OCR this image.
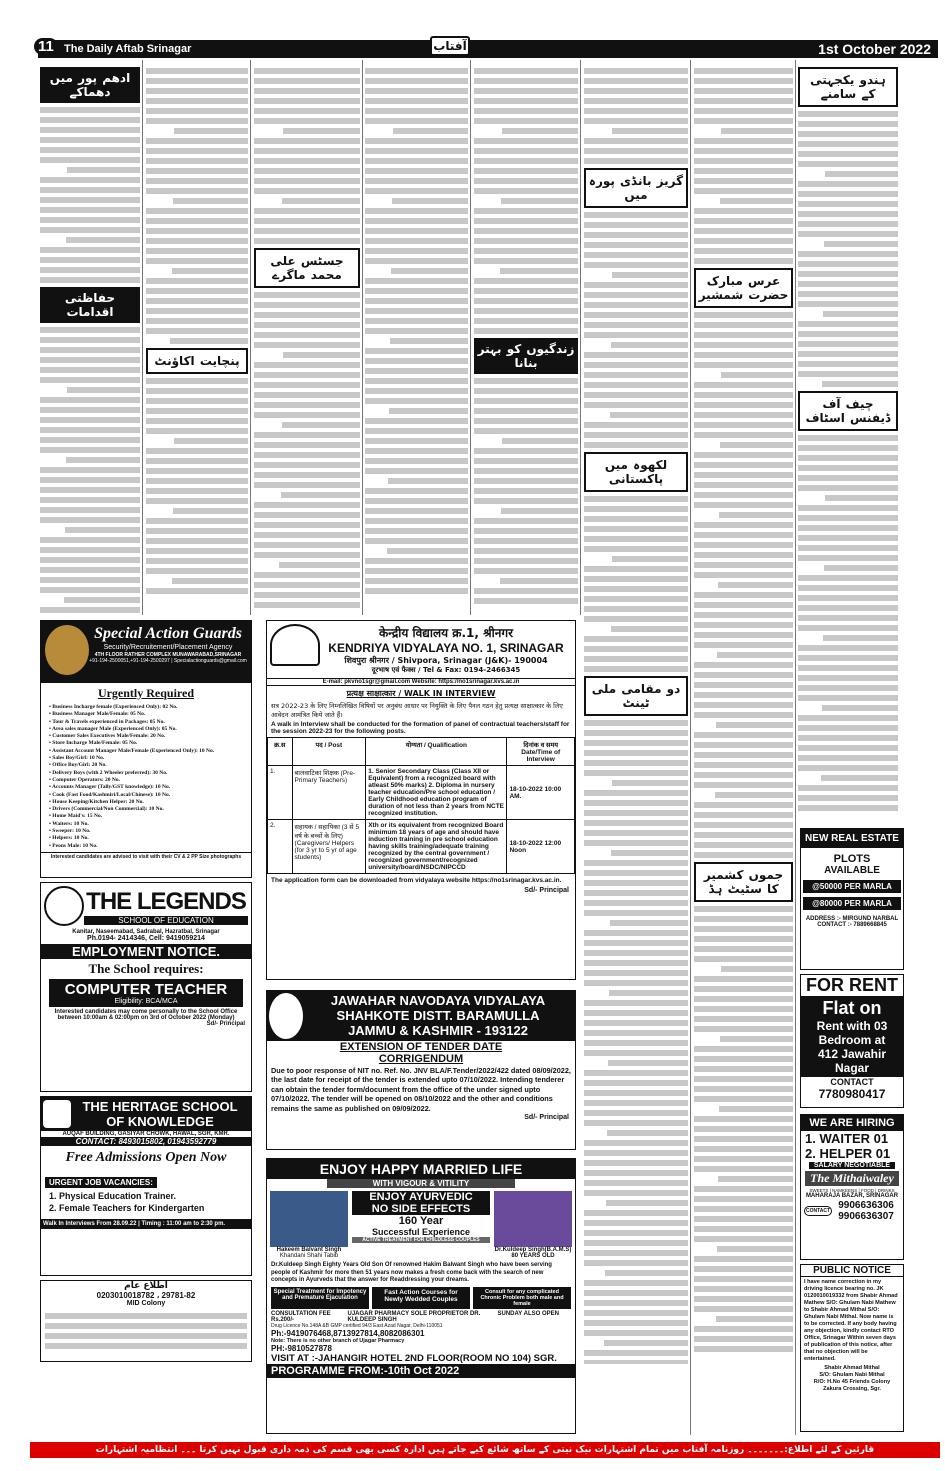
11 The Daily Aftab Srinagar	آفتاب	1st October 2022
ادھم پور میں دھماکے
حفاظتی اقدامات
پنچایت اکاؤنٹ
جسٹس علی محمد ماگرے
زندگیوں کو بہتر بنانا
گریز بانڈی پورہ میں
لکھوہ میں پاکستانی
دو مقامی ملی ٹینٹ
عرس مبارک حضرت شمشیر
جموں کشمیر کا سٹیٹ ہڈ
ہندو یکجہتی کے سامنے
چیف آف ڈیفنس اسٹاف
Special Action Guards
Security/Recruitement/Placement Agency
4TH FLOOR RATHER COMPLEX MUNAWARABAD,SRINAGAR
+91-194-2500051,+91-194-2500297 | Specialactionguards@gmail.com
Urgently Required
• Business Incharge female (Experienced Only): 02 No.
• Business Manager Male/Female: 05 No.
• Tour & Travels experienced in Packages: 05 No.
• Area sales manager Male (Experienced Only): 05 No.
• Customer Sales Executives Male/Female: 20 No.
• Store Incharge Male/Female: 05 No.
• Assistant Account Manager Male/Female (Experienced Only): 10 No.
• Sales Boy/Girl: 10 No.
• Office Boy/Girl: 20 No.
• Delivery Boys (with 2 Wheeler preferred): 30 No.
• Computer Operators: 20 No.
• Accounts Manager (Tally/GST knowledge): 10 No.
• Cook (Fast Food/Kashmiri/Local/Chinese): 10 No.
• House Keeping/Kitchen Helper: 20 No.
• Drivers (Commercial/Non Commercial): 10 No.
• Home Maid's: 15 No.
• Waiters: 10 No.
• Sweeper: 10 No.
• Helpers: 10 No.
• Peons Male: 10 No.
Interested candidates are advised to visit with their CV & 2 PP Size photographs
THE LEGENDS
SCHOOL OF EDUCATION
Kanitar, Naseemabad, Sadrabal, Hazratbal, Srinagar
Ph.0194- 2414346, Cell: 9419059214
EMPLOYMENT NOTICE.
The School requires:
COMPUTER TEACHER
Eligibility: BCA/MCA
Interested candidates may come personally to the School Office between 10:00am & 02:00pm on 3rd of October 2022 (Monday)
Sd/- Principal
THE HERITAGE SCHOOL
OF KNOWLEDGE
AUQAF BUILDING, GASIYAR CHOWK, HAWAL, SGR, KMR.
CONTACT: 8493015802, 01943592779
Free Admissions Open Now
URGENT JOB VACANCIES:
1. Physical Education Trainer.
2. Female Teachers for Kindergarten
Walk In Interviews From 28.09.22 | Timing : 11:00 am to 2:30 pm.
اطلاع عام
0203010018782 ، 29781-82
MID Colony
केन्द्रीय विद्यालय क्र.1, श्रीनगर
KENDRIYA VIDYALAYA NO. 1, SRINAGAR
शिवपुरा श्रीनगर / Shivpora, Srinagar (J&K)- 190004
दूरभाष एवं फैक्स / Tel & Fax: 0194-2466345
E-mail: pkvno1sgr@gmail.com Website: https://no1srinagar.kvs.ac.in
प्रत्यक्ष साक्षात्कार / WALK IN INTERVIEW
सत्र 2022-23 के लिए निम्नलिखित विषियों पर अनुबंध आधार पर नियुक्ति के लिए पैनल गठन हेतु प्रत्यक्ष साक्षात्कार के लिए आवेदन आमंत्रित किये जाते हैं।
A walk in Interview shall be conducted for the formation of panel of contractual teachers/staff for the session 2022-23 for the following posts.
क्र.स	पद / Post	योग्यता / Qualification	दिनांक व समय Date/Time of Interview
1.	बालवाटिका शिक्षक (Pre- Primary Teachers)	1. Senior Secondary Class (Class XII or Equivalent) from a recognized board with atleast 50% marks) 2. Diploma in nursery teacher education/Pre school education / Early Childhood education program of duration of not less than 2 years from NCTE recognized institution.	18-10-2022 10:00 AM.
2.	सहायक / सहायिका (3 से 5 वर्ष के बच्चों के लिए) (Caregivers/ Helpers (for 3 yr to 5 yr of age students)	Xth or its equivalent from recognized Board minimum 18 years of age and should have induction training in pre school education having skills training/adequate training recognized by the central government / recognized government/recognized university/board/NSDC/NIPCCD	18-10-2022 12:00 Noon
The application form can be downloaded from vidyalaya website https://no1srinagar.kvs.ac.in.
Sd/- Principal
JAWAHAR NAVODAYA VIDYALAYA
SHAHKOTE DISTT. BARAMULLA
JAMMU & KASHMIR - 193122
EXTENSION OF TENDER DATE
CORRIGENDUM
Due to poor response of NIT no. Ref. No. JNV BLA/F.Tender/2022/422 dated 08/09/2022, the last date for receipt of the tender is extended upto 07/10/2022. Intending tenderer can obtain the tender form/document from the office of the under signed upto 07/10/2022. The tender will be opened on 08/10/2022 and the other and conditions remains the same as published on 09/09/2022.
Sd/- Principal
ENJOY HAPPY MARRIED LIFE
WITH VIGOUR & VITILITY
Hakeem Balvant Singh
Khandani Shahi Tabib
ENJOY AYURVEDIC
NO SIDE EFFECTS
160 Year
Successful Experience
ACTIVE TREATMENT FOR CHILDLESS COUPLES
Dr.Kuldeep Singh(B.A.M.S)
80 YEARS OLD
Dr.Kuldeep Singh Eighty Years Old Son Of renowned Hakim Balwant Singh who have been serving people of Kashmir for more then 51 years now makes a fresh come back with the search of new concepts in Ayurveds that the answer for Readdressing your dreams.
Special Treatment for Impotency and Premature Ejaculation
Fast Action Courses for Newly Wedded Couples
Consult for any complicated Chronic Problem both male and female
CONSULTATION FEE Rs.200/-
UJAGAR PHARMACY SOLE PROPRIETOR DR. KULDEEP SINGH
SUNDAY ALSO OPEN
Drug Licence No.148A &B GMP certified 94/3 East Azad Nagar, Delhi-110051
Ph:-9419076468,8713927814,8082086301
Note: There is no other branch of Ujagar Pharmacy
PH:-9810527878
VISIT AT :-JAHANGIR HOTEL 2ND FLOOR(ROOM NO 104) SGR.
PROGRAMME FROM:-10th Oct 2022
NEW REAL ESTATE
PLOTS
AVAILABLE
@50000 PER MARLA
@80000 PER MARLA
ADDRESS :- MIRGUND NARBAL
CONTACT :- 7889668845
FOR RENT
Flat on
Rent with 03
Bedroom at
412 Jawahir
Nagar
CONTACT
7780980417
WE ARE HIRING
1. WAITER 01
2. HELPER 01
SALARY NEGOTIABLE
The Mithaiwaley
SWEETS | NAMKEENS | FOOD | DRINKS
MAHARAJA BAZAR, SRINAGAR
CONTACT 9906636306
9906636307
PUBLIC NOTICE
I have name correction in my driving licence bearing no. JK 0120010019332 from Shabir Ahmad Mathew S/O: Ghulam Nabi Mathew to Shabir Ahmad Mithal S/O: Ghulam Nabi Mithal. Now name is to be corrected. If any body having any objection, kindly contact RTO Office, Srinagar Within seven days of publication of this notice, after that no objection will be entertained.
Shabir Ahmad Mithal
S/O: Ghulam Nabi Mithal
R/O: H.No 45 Friends Colony
Zakura Crossing, Sgr.
قارئین کے لئے اطلاع:۔۔۔۔۔۔۔ روزنامہ آفتاب میں تمام اشتہارات نیک نیتی کے ساتھ شائع کیے جاتے ہیں ادارہ کسی بھی قسم کی ذمہ داری قبول نہیں کرتا ۔۔۔ انتظامیہ اشتہارات
